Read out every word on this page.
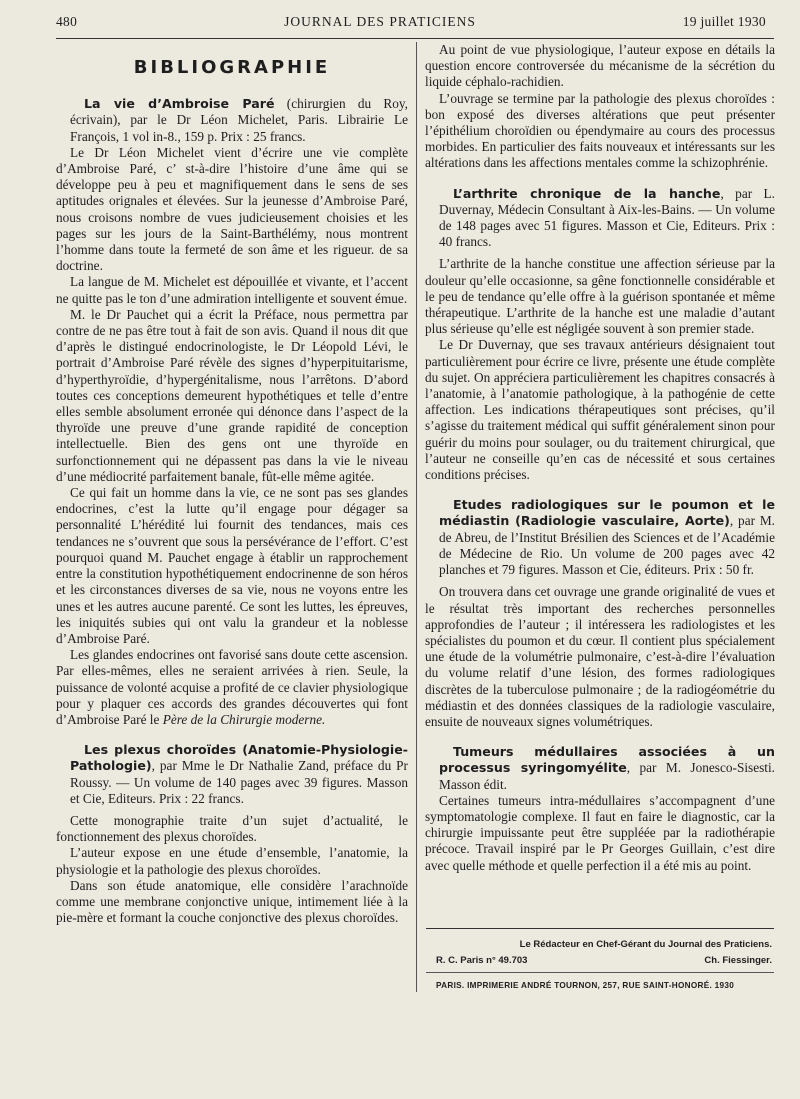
480	JOURNAL DES PRATICIENS	19 juillet 1930
BIBLIOGRAPHIE

La vie d’Ambroise Paré (chirurgien du Roy, écrivain), par le Dr Léon Michelet, Paris. Librairie Le François, 1 vol in-8., 159 p. Prix : 25 francs.

Le Dr Léon Michelet vient d’écrire une vie complète d’Ambroise Paré, c’ st-à-dire l’histoire d’une âme qui se développe peu à peu et magnifiquement dans le sens de ses aptitudes orignales et élevées. Sur la jeunesse d’Ambroise Paré, nous croisons nombre de vues judicieusement choisies et les pages sur les jours de la Saint-Barthélémy, nous montrent l’homme dans toute la fermeté de son âme et les rigueur. de sa doctrine.

La langue de M. Michelet est dépouillée et vivante, et l’accent ne quitte pas le ton d’une admiration intelligente et souvent émue.

M. le Dr Pauchet qui a écrit la Préface, nous permettra par contre de ne pas être tout à fait de son avis. Quand il nous dit que d’après le distingué endocrinologiste, le Dr Léopold Lévi, le portrait d’Ambroise Paré révèle des signes d’hyperpituitarisme, d’hyperthyroïdie, d’hypergénitalisme, nous l’arrêtons. D’abord toutes ces conceptions demeurent hypothétiques et telle d’entre elles semble absolument erronée qui dénonce dans l’aspect de la thyroïde une preuve d’une grande rapidité de conception intellectuelle. Bien des gens ont une thyroïde en surfonctionnement qui ne dépassent pas dans la vie le niveau d’une médiocrité parfaitement banale, fût-elle même agitée.

Ce qui fait un homme dans la vie, ce ne sont pas ses glandes endocrines, c’est la lutte qu’il engage pour dégager sa personnalité L’hérédité lui fournit des tendances, mais ces tendances ne s’ouvrent que sous la persévérance de l’effort. C’est pourquoi quand M. Pauchet engage à établir un rapprochement entre la constitution hypothétiquement endocrinenne de son héros et les circonstances diverses de sa vie, nous ne voyons entre les unes et les autres aucune parenté. Ce sont les luttes, les épreuves, les iniquités subies qui ont valu la grandeur et la noblesse d’Ambroise Paré.

Les glandes endocrines ont favorisé sans doute cette ascension. Par elles-mêmes, elles ne seraient arrivées à rien. Seule, la puissance de volonté acquise a profité de ce clavier physiologique pour y plaquer ces accords des grandes découvertes qui font d’Ambroise Paré le Père de la Chirurgie moderne.

Les plexus choroïdes (Anatomie-Physiologie-Pathologie), par Mme le Dr Nathalie Zand, préface du Pr Roussy. — Un volume de 140 pages avec 39 figures. Masson et Cie, Editeurs. Prix : 22 francs.

Cette monographie traite d’un sujet d’actualité, le fonctionnement des plexus choroïdes.

L’auteur expose en une étude d’ensemble, l’anatomie, la physiologie et la pathologie des plexus choroïdes.

Dans son étude anatomique, elle considère l’arachnoïde comme une membrane conjonctive unique, intimement liée à la pie-mère et formant la couche conjonctive des plexus choroïdes.

Au point de vue physiologique, l’auteur expose en détails la question encore controversée du mécanisme de la sécrétion du liquide céphalo-rachidien.

L’ouvrage se termine par la pathologie des plexus choroïdes : bon exposé des diverses altérations que peut présenter l’épithélium choroïdien ou épendymaire au cours des processus morbides. En particulier des faits nouveaux et intéressants sur les altérations dans les affections mentales comme la schizophrénie.

L’arthrite chronique de la hanche, par L. Duvernay, Médecin Consultant à Aix-les-Bains. — Un volume de 148 pages avec 51 figures. Masson et Cie, Editeurs. Prix : 40 francs.

L’arthrite de la hanche constitue une affection sérieuse par la douleur qu’elle occasionne, sa gêne fonctionnelle considérable et le peu de tendance qu’elle offre à la guérison spontanée et même thérapeutique. L’arthrite de la hanche est une maladie d’autant plus sérieuse qu’elle est négligée souvent à son premier stade.

Le Dr Duvernay, que ses travaux antérieurs désignaient tout particulièrement pour écrire ce livre, présente une étude complète du sujet. On appréciera particulièrement les chapitres consacrés à l’anatomie, à l’anatomie pathologique, à la pathogénie de cette affection. Les indications thérapeutiques sont précises, qu’il s’agisse du traitement médical qui suffit généralement sinon pour guérir du moins pour soulager, ou du traitement chirurgical, que l’auteur ne conseille qu’en cas de nécessité et sous certaines conditions précises.

Etudes radiologiques sur le poumon et le médiastin (Radiologie vasculaire, Aorte), par M. de Abreu, de l’Institut Brésilien des Sciences et de l’Académie de Médecine de Rio. Un volume de 200 pages avec 42 planches et 79 figures. Masson et Cie, éditeurs. Prix : 50 fr.

On trouvera dans cet ouvrage une grande originalité de vues et le résultat très important des recherches personnelles approfondies de l’auteur ; il intéressera les radiologistes et les spécialistes du poumon et du cœur. Il contient plus spécialement une étude de la volumétrie pulmonaire, c’est-à-dire l’évaluation du volume relatif d’une lésion, des formes radiologiques discrètes de la tuberculose pulmonaire ; de la radiogéométrie du médiastin et des données classiques de la radiologie vasculaire, ensuite de nouveaux signes volumétriques.

Tumeurs médullaires associées à un processus syringomyélite, par M. Jonesco-Sisesti. Masson édit.

Certaines tumeurs intra-médullaires s’accompagnent d’une symptomatologie complexe. Il faut en faire le diagnostic, car la chirurgie impuissante peut être suppléée par la radiothérapie précoce. Travail inspiré par le Pr Georges Guillain, c’est dire avec quelle méthode et quelle perfection il a été mis au point.

Le Rédacteur en Chef-Gérant du Journal des Praticiens.
R. C. Paris n° 49.703	Ch. Fiessinger.
PARIS. IMPRIMERIE ANDRÉ TOURNON, 257, RUE SAINT-HONORÉ. 1930
